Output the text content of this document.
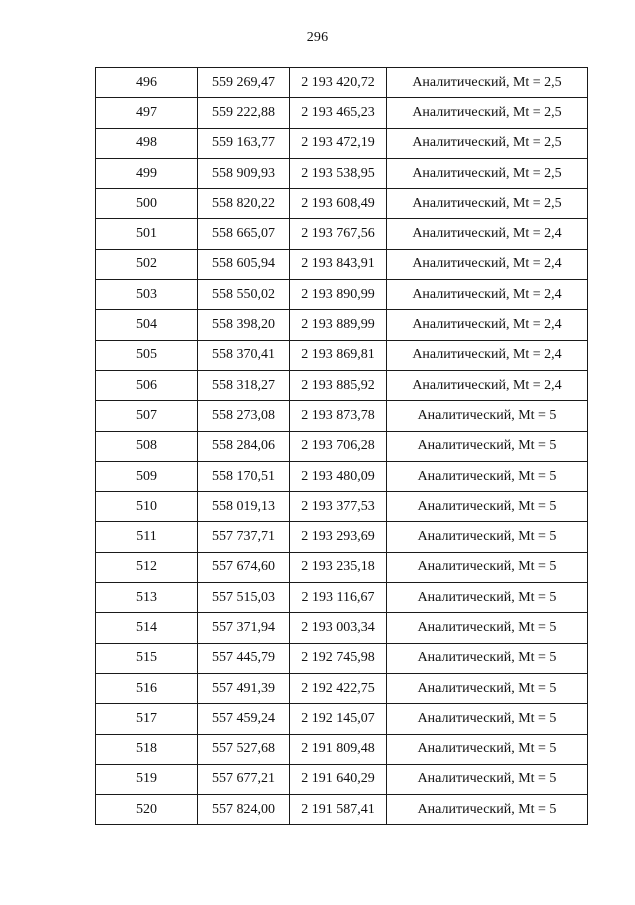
296
496	559 269,47	2 193 420,72	Аналитический, Mt = 2,5
497	559 222,88	2 193 465,23	Аналитический, Mt = 2,5
498	559 163,77	2 193 472,19	Аналитический, Mt = 2,5
499	558 909,93	2 193 538,95	Аналитический, Mt = 2,5
500	558 820,22	2 193 608,49	Аналитический, Mt = 2,5
501	558 665,07	2 193 767,56	Аналитический, Mt = 2,4
502	558 605,94	2 193 843,91	Аналитический, Mt = 2,4
503	558 550,02	2 193 890,99	Аналитический, Mt = 2,4
504	558 398,20	2 193 889,99	Аналитический, Mt = 2,4
505	558 370,41	2 193 869,81	Аналитический, Mt = 2,4
506	558 318,27	2 193 885,92	Аналитический, Mt = 2,4
507	558 273,08	2 193 873,78	Аналитический, Mt = 5
508	558 284,06	2 193 706,28	Аналитический, Mt = 5
509	558 170,51	2 193 480,09	Аналитический, Mt = 5
510	558 019,13	2 193 377,53	Аналитический, Mt = 5
511	557 737,71	2 193 293,69	Аналитический, Mt = 5
512	557 674,60	2 193 235,18	Аналитический, Mt = 5
513	557 515,03	2 193 116,67	Аналитический, Mt = 5
514	557 371,94	2 193 003,34	Аналитический, Mt = 5
515	557 445,79	2 192 745,98	Аналитический, Mt = 5
516	557 491,39	2 192 422,75	Аналитический, Mt = 5
517	557 459,24	2 192 145,07	Аналитический, Mt = 5
518	557 527,68	2 191 809,48	Аналитический, Mt = 5
519	557 677,21	2 191 640,29	Аналитический, Mt = 5
520	557 824,00	2 191 587,41	Аналитический, Mt = 5
